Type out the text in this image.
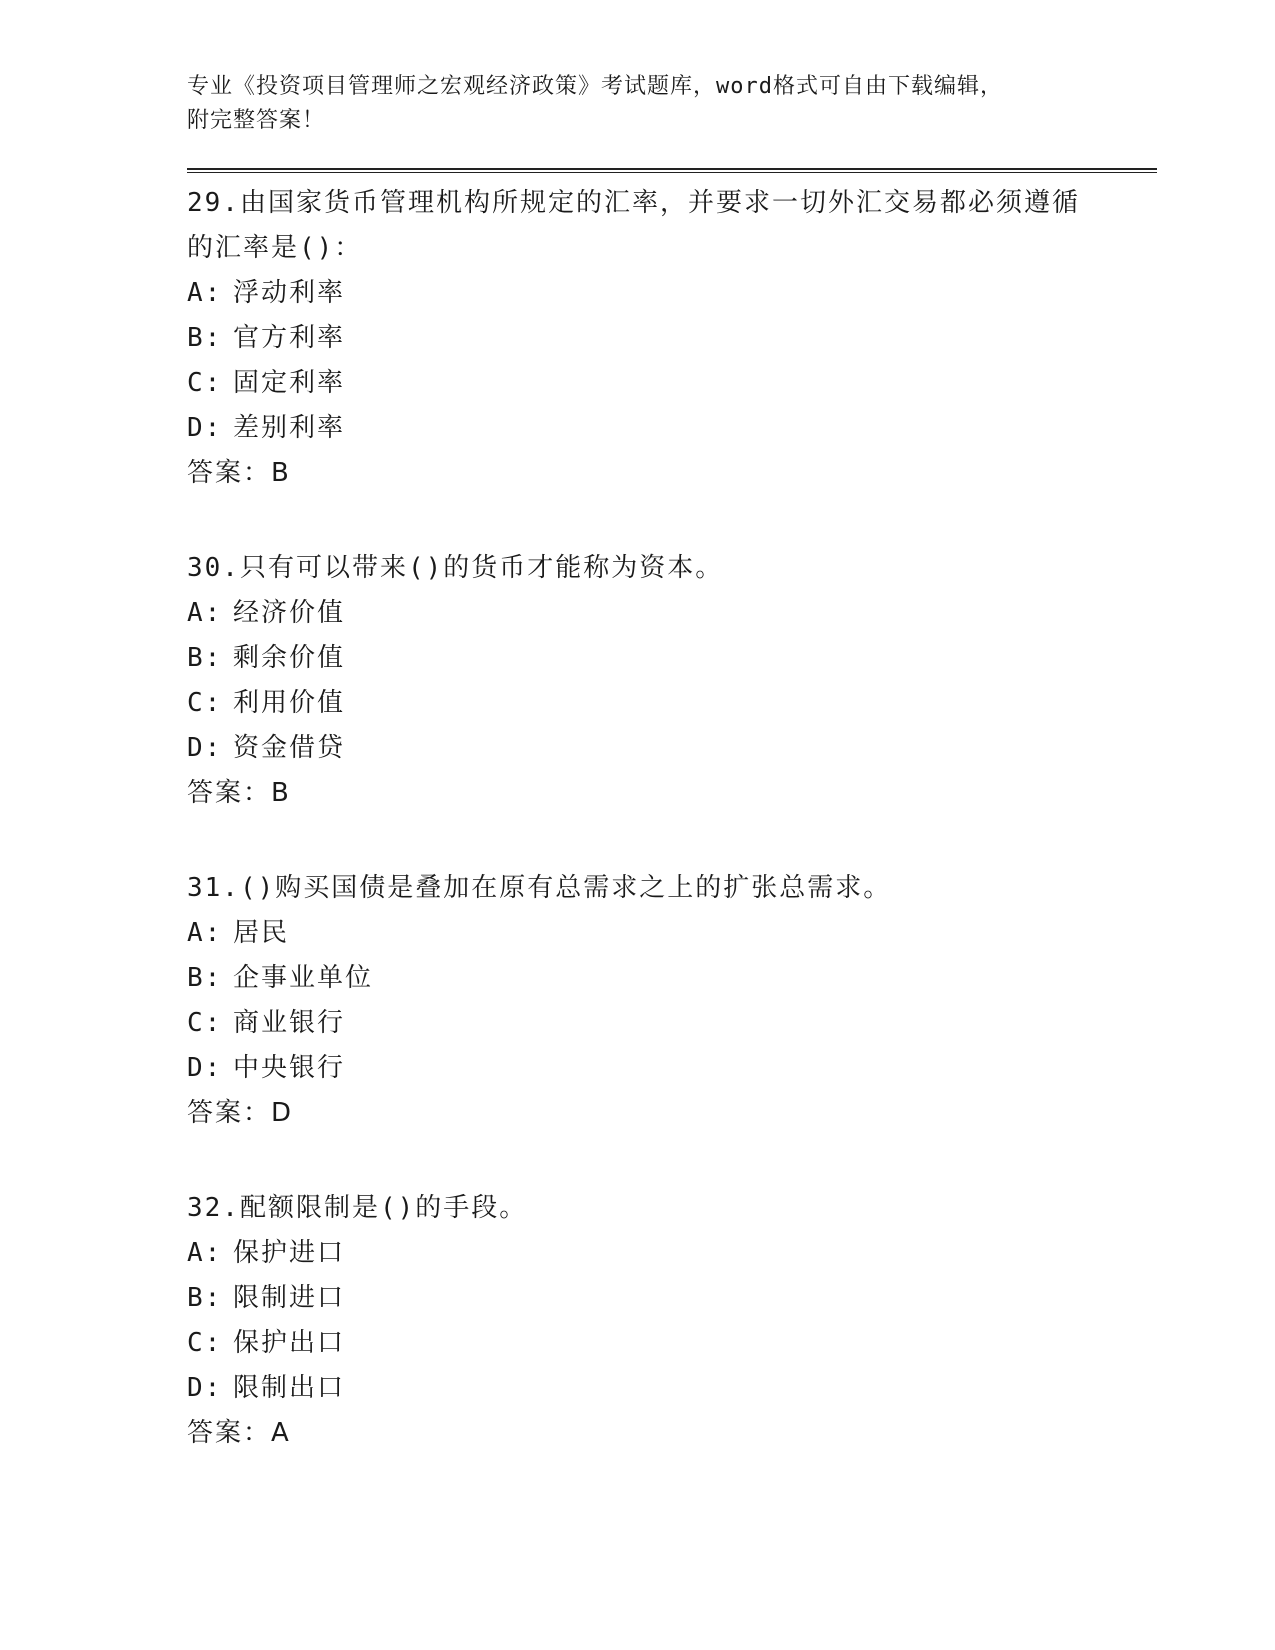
专业《投资项目管理师之宏观经济政策》考试题库，word格式可自由下载编辑，
附完整答案！

29.由国家货币管理机构所规定的汇率，并要求一切外汇交易都必须遵循的汇率是()：

A: 浮动利率

B: 官方利率

C: 固定利率

D: 差别利率

答案：B

30.只有可以带来()的货币才能称为资本。

A: 经济价值

B: 剩余价值

C: 利用价值

D: 资金借贷

答案：B

31.()购买国债是叠加在原有总需求之上的扩张总需求。

A: 居民

B: 企事业单位

C: 商业银行

D: 中央银行

答案：D

32.配额限制是()的手段。

A: 保护进口

B: 限制进口

C: 保护出口

D: 限制出口

答案：A
